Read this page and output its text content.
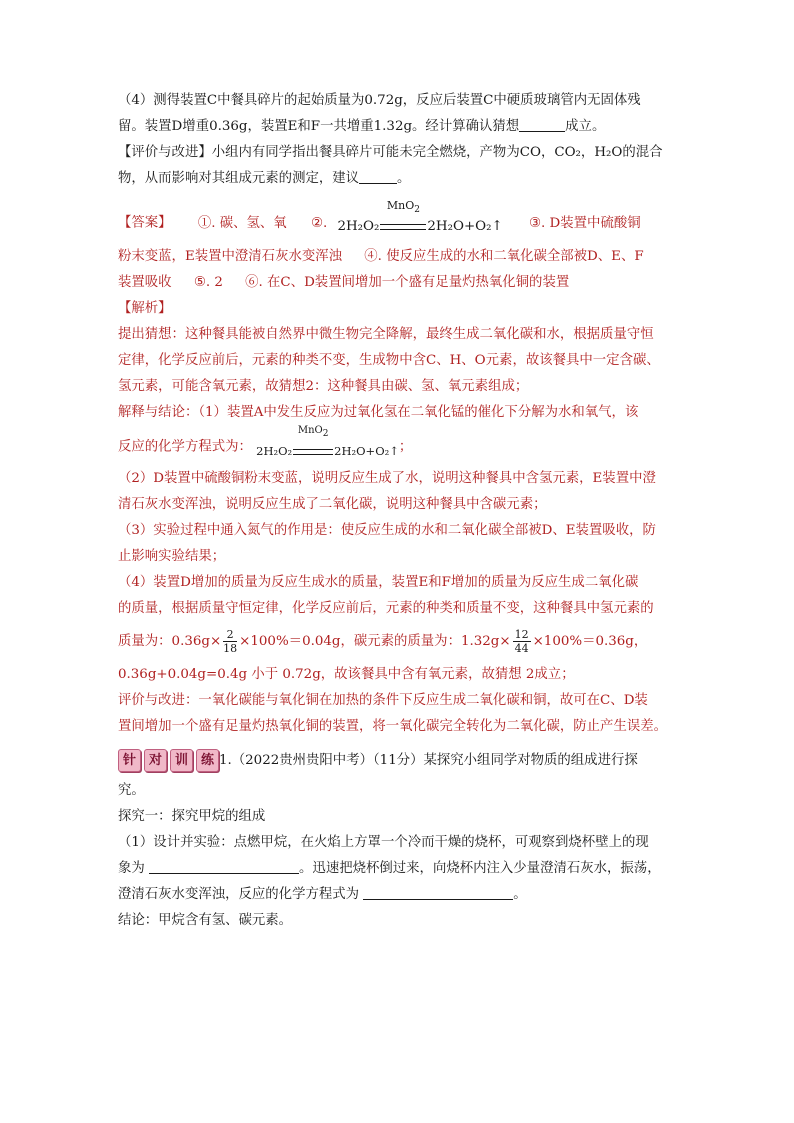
（4）测得装置C中餐具碎片的起始质量为0.72g，反应后装置C中硬质玻璃管内无固体残
留。装置D增重0.36g，装置E和F一共增重1.32g。经计算确认猜想	成立。
【评价与改进】小组内有同学指出餐具碎片可能未完全燃烧，产物为CO，CO₂，H₂O的混合
物，从而影响对其组成元素的测定，建议	。
【答案】 ①. 碳、氢、氧 ②. 2H₂O₂
MnO$_2$
2H₂O+O₂↑ ③. D装置中硫酸铜
粉末变蓝，E装置中澄清石灰水变浑浊 ④. 使反应生成的水和二氧化碳全部被D、E、F
装置吸收 ⑤. 2 ⑥. 在C、D装置间增加一个盛有足量灼热氧化铜的装置
【解析】
提出猜想：这种餐具能被自然界中微生物完全降解，最终生成二氧化碳和水，根据质量守恒
定律，化学反应前后，元素的种类不变，生成物中含C、H、O元素，故该餐具中一定含碳、
氢元素，可能含氧元素，故猜想2：这种餐具由碳、氢、氧元素组成；
解释与结论：（1）装置A中发生反应为过氧化氢在二氧化锰的催化下分解为水和氧气，该
反应的化学方程式为： 2H₂O₂
MnO2
2H₂O+O₂↑；
（2）D装置中硫酸铜粉末变蓝，说明反应生成了水，说明这种餐具中含氢元素，E装置中澄
清石灰水变浑浊，说明反应生成了二氧化碳，说明这种餐具中含碳元素；
（3）实验过程中通入氮气的作用是：使反应生成的水和二氧化碳全部被D、E装置吸收，防
止影响实验结果；
（4）装置D增加的质量为反应生成水的质量，装置E和F增加的质量为反应生成二氧化碳
的质量，根据质量守恒定律，化学反应前后，元素的种类和质量不变，这种餐具中氢元素的
质量为：$0.36g\times \frac{2}{18} \times 100\%=0.04g$，碳元素的质量为：$1.32g\times \frac{12}{44} \times 100\%=0.36g$，
0.36g+0.04g=0.4g 小于 0.72g，故该餐具中含有氧元素，故猜想 2成立；
评价与改进：一氧化碳能与氧化铜在加热的条件下反应生成二氧化碳和铜，故可在C、D装
置间增加一个盛有足量灼热氧化铜的装置，将一氧化碳完全转化为二氧化碳，防止产生误差。
针 对 训 练 1.（2022贵州贵阳中考）（11分）某探究小组同学对物质的组成进行探
究。
探究一：探究甲烷的组成
（1）设计并实验：点燃甲烷，在火焰上方罩一个冷而干燥的烧杯，可观察到烧杯壁上的现
象为	。迅速把烧杯倒过来，向烧杯内注入少量澄清石灰水，振荡，
澄清石灰水变浑浊，反应的化学方程式为	。
结论：甲烷含有氢、碳元素。
